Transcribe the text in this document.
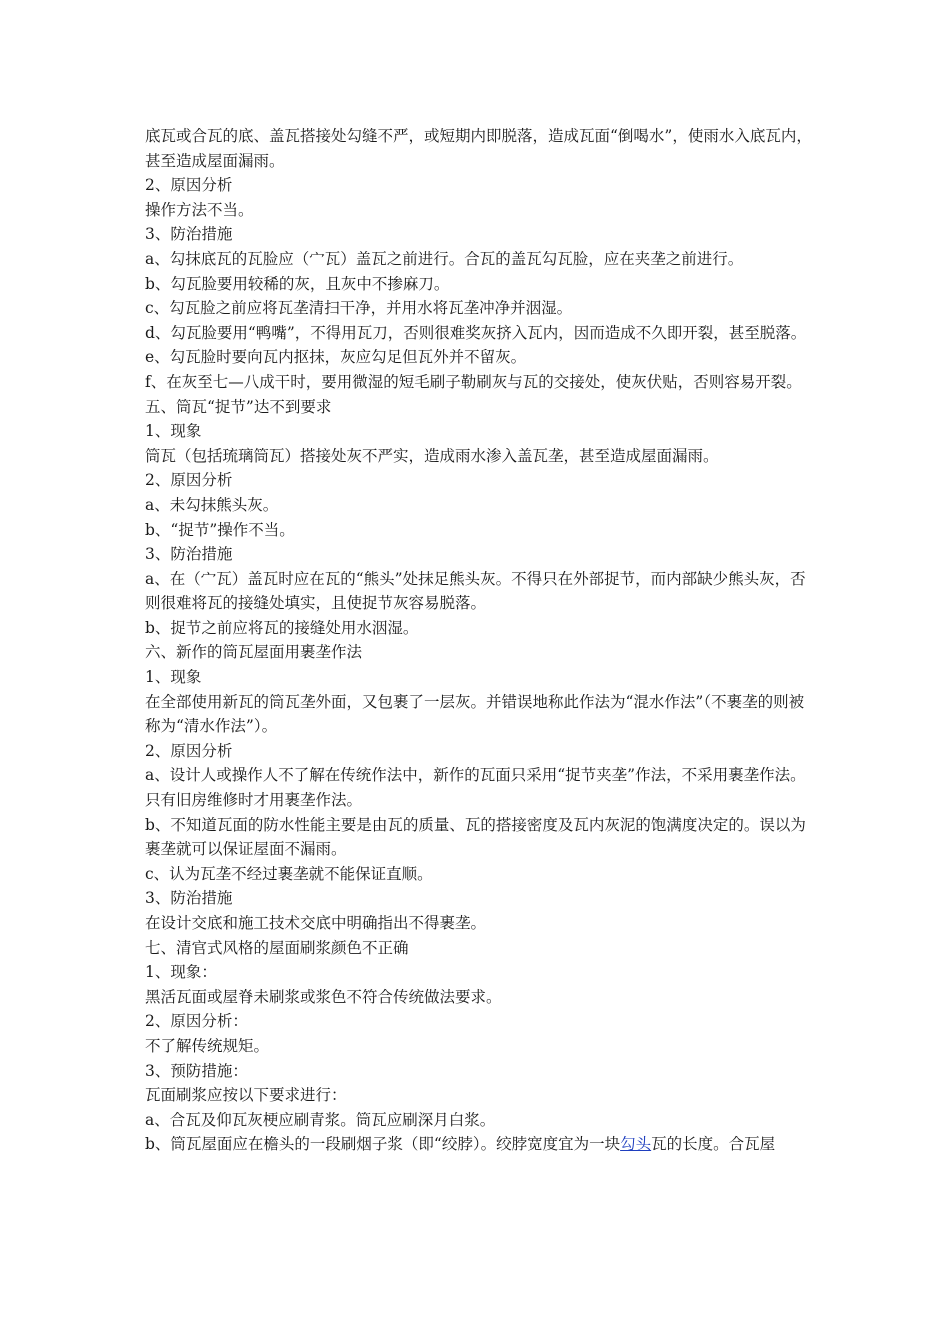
底瓦或合瓦的底、盖瓦搭接处勾缝不严，或短期内即脱落，造成瓦面“倒喝水”，使雨水入底瓦内，甚至造成屋面漏雨。

2、原因分析

操作方法不当。

3、防治措施

a、勾抹底瓦的瓦脸应（宀瓦）盖瓦之前进行。合瓦的盖瓦勾瓦脸，应在夹垄之前进行。

b、勾瓦脸要用较稀的灰，且灰中不掺麻刀。

c、勾瓦脸之前应将瓦垄清扫干净，并用水将瓦垄冲净并洇湿。

d、勾瓦脸要用“鸭嘴”，不得用瓦刀，否则很难奖灰挤入瓦内，因而造成不久即开裂，甚至脱落。

e、勾瓦脸时要向瓦内抠抹，灰应勾足但瓦外并不留灰。

f、在灰至七—八成干时，要用微湿的短毛刷子勒刷灰与瓦的交接处，使灰伏贴，否则容易开裂。

五、筒瓦“捉节”达不到要求

1、现象

筒瓦（包括琉璃筒瓦）搭接处灰不严实，造成雨水渗入盖瓦垄，甚至造成屋面漏雨。

2、原因分析

a、未勾抹熊头灰。

b、“捉节”操作不当。

3、防治措施

a、在（宀瓦）盖瓦时应在瓦的“熊头”处抹足熊头灰。不得只在外部捉节，而内部缺少熊头灰，否则很难将瓦的接缝处填实，且使捉节灰容易脱落。

b、捉节之前应将瓦的接缝处用水洇湿。

六、新作的筒瓦屋面用裹垄作法

1、现象

在全部使用新瓦的筒瓦垄外面，又包裹了一层灰。并错误地称此作法为“混水作法”（不裹垄的则被称为“清水作法”）。

2、原因分析

a、设计人或操作人不了解在传统作法中，新作的瓦面只采用“捉节夹垄”作法，不采用裹垄作法。只有旧房维修时才用裹垄作法。

b、不知道瓦面的防水性能主要是由瓦的质量、瓦的搭接密度及瓦内灰泥的饱满度决定的。误以为裹垄就可以保证屋面不漏雨。

c、认为瓦垄不经过裹垄就不能保证直顺。

3、防治措施

在设计交底和施工技术交底中明确指出不得裹垄。

七、清官式风格的屋面刷浆颜色不正确

1、现象：

黑活瓦面或屋脊未刷浆或浆色不符合传统做法要求。

2、原因分析：

不了解传统规矩。

3、预防措施：

瓦面刷浆应按以下要求进行：

a、合瓦及仰瓦灰梗应刷青浆。筒瓦应刷深月白浆。

b、筒瓦屋面应在檐头的一段刷烟子浆（即“绞脖）。绞脖宽度宜为一块勾头瓦的长度。合瓦屋
